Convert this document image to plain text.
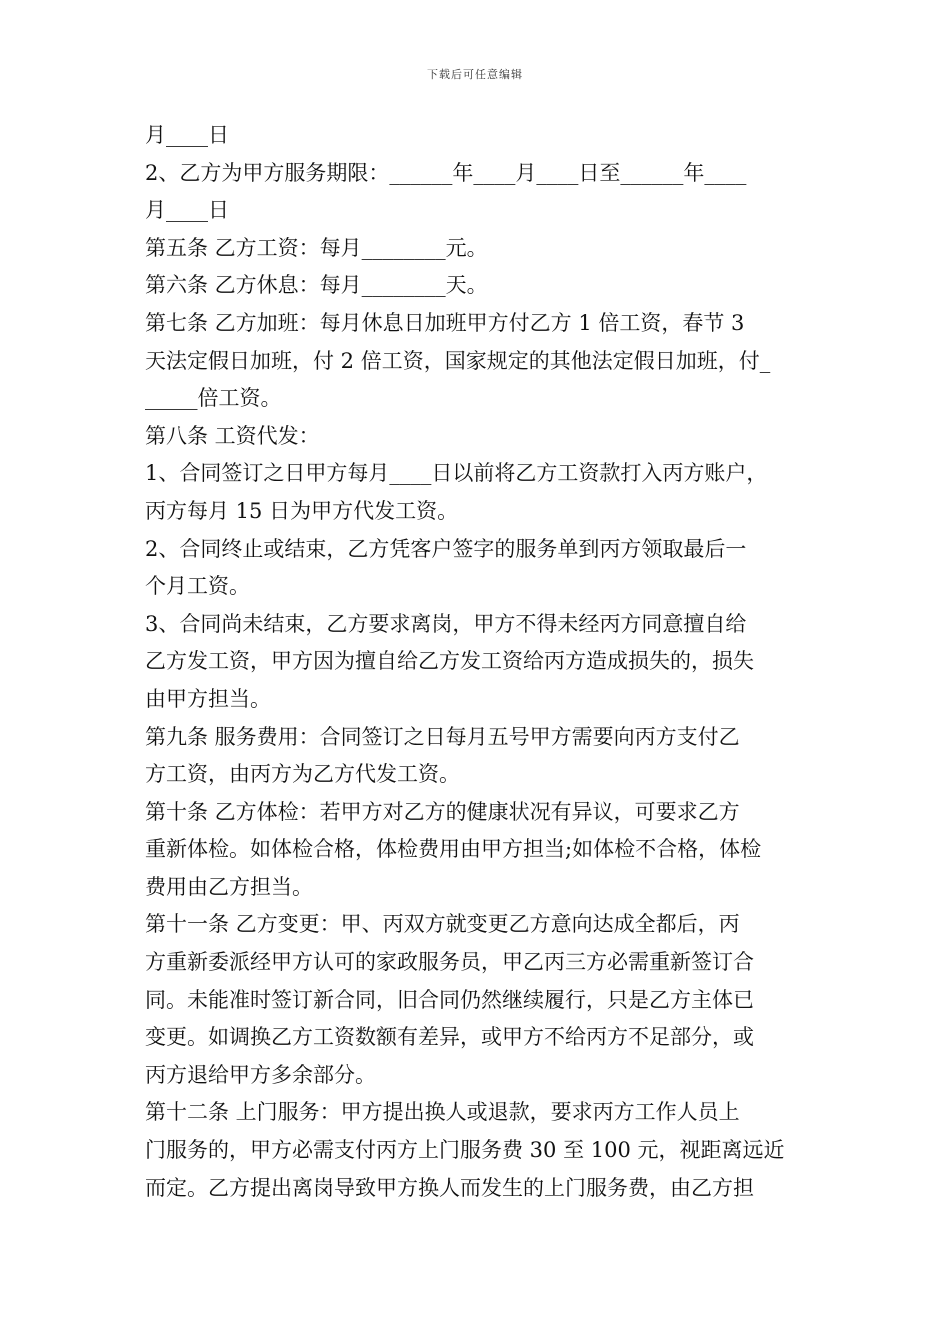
下载后可任意编辑
月____日
2、乙方为甲方服务期限：______年____月____日至______年____
月____日
第五条 乙方工资：每月________元。
第六条 乙方休息：每月________天。
第七条 乙方加班：每月休息日加班甲方付乙方 1 倍工资，春节 3
天法定假日加班，付 2 倍工资，国家规定的其他法定假日加班，付_
_____倍工资。
第八条 工资代发：
1、合同签订之日甲方每月____日以前将乙方工资款打入丙方账户，
丙方每月 15 日为甲方代发工资。
2、合同终止或结束，乙方凭客户签字的服务单到丙方领取最后一
个月工资。
3、合同尚未结束，乙方要求离岗，甲方不得未经丙方同意擅自给
乙方发工资，甲方因为擅自给乙方发工资给丙方造成损失的，损失
由甲方担当。
第九条 服务费用：合同签订之日每月五号甲方需要向丙方支付乙
方工资，由丙方为乙方代发工资。
第十条 乙方体检：若甲方对乙方的健康状况有异议，可要求乙方
重新体检。如体检合格，体检费用由甲方担当;如体检不合格，体检
费用由乙方担当。
第十一条 乙方变更：甲、丙双方就变更乙方意向达成全都后，丙
方重新委派经甲方认可的家政服务员，甲乙丙三方必需重新签订合
同。未能准时签订新合同，旧合同仍然继续履行，只是乙方主体已
变更。如调换乙方工资数额有差异，或甲方不给丙方不足部分，或
丙方退给甲方多余部分。
第十二条 上门服务：甲方提出换人或退款，要求丙方工作人员上
门服务的，甲方必需支付丙方上门服务费 30 至 100 元，视距离远近
而定。乙方提出离岗导致甲方换人而发生的上门服务费，由乙方担
